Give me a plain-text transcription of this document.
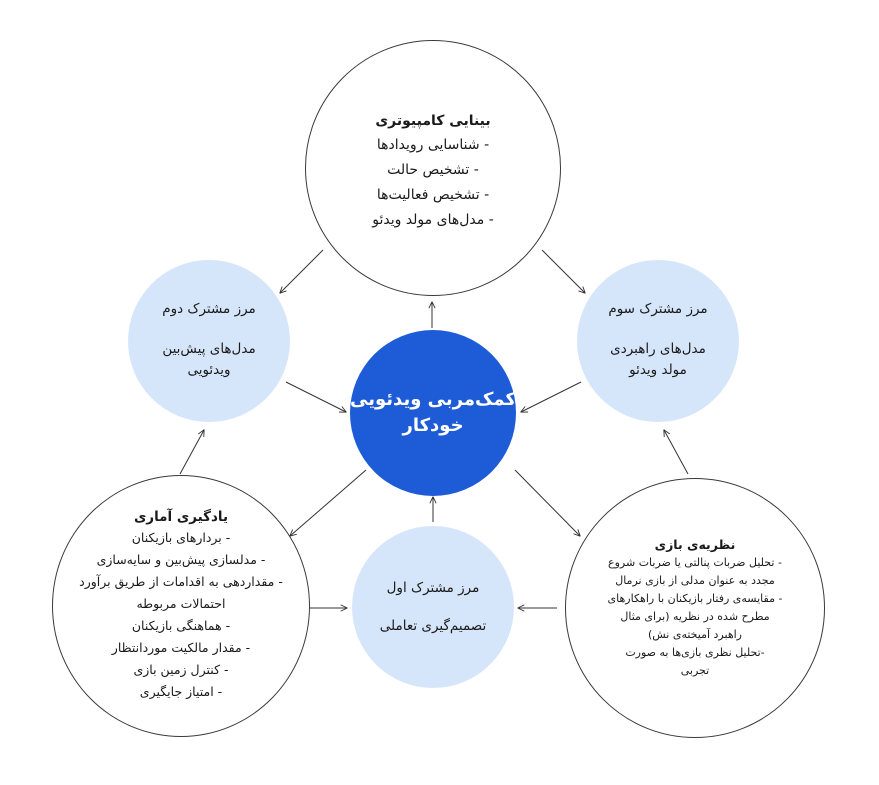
بینایی کامپیوتری
- شناسایی رویدادها
- تشخیص حالت
- تشخیص فعالیت‌ها
- مدل‌های مولد ویدئو
مرز مشترک دوم
مدل‌های پیش‌بین
ویدئویی
مرز مشترک سوم
مدل‌های راهبردی
مولد ویدئو
کمک‌مربی ویدئویی
خودکار
یادگیری آماری
- بردارهای بازیکنان
- مدلسازی پیش‌بین و سایه‌سازی
- مقداردهی به اقدامات از طریق برآورد
احتمالات مربوطه
- هماهنگی بازیکنان
- مقدار مالکیت موردانتظار
- کنترل زمین بازی
- امتیاز جایگیری
مرز مشترک اول
تصمیم‌گیری تعاملی
نظریه‌ی بازی
- تحلیل ضربات پنالتی یا ضربات شروع
مجدد به عنوان مدلی از بازی نرمال
- مقایسه‌ی رفتار بازیکنان با راهکارهای
مطرح شده در نظریه (برای مثال
راهبرد آمیخته‌ی نش)
-تحلیل نظری بازی‌ها به صورت
تجربی
